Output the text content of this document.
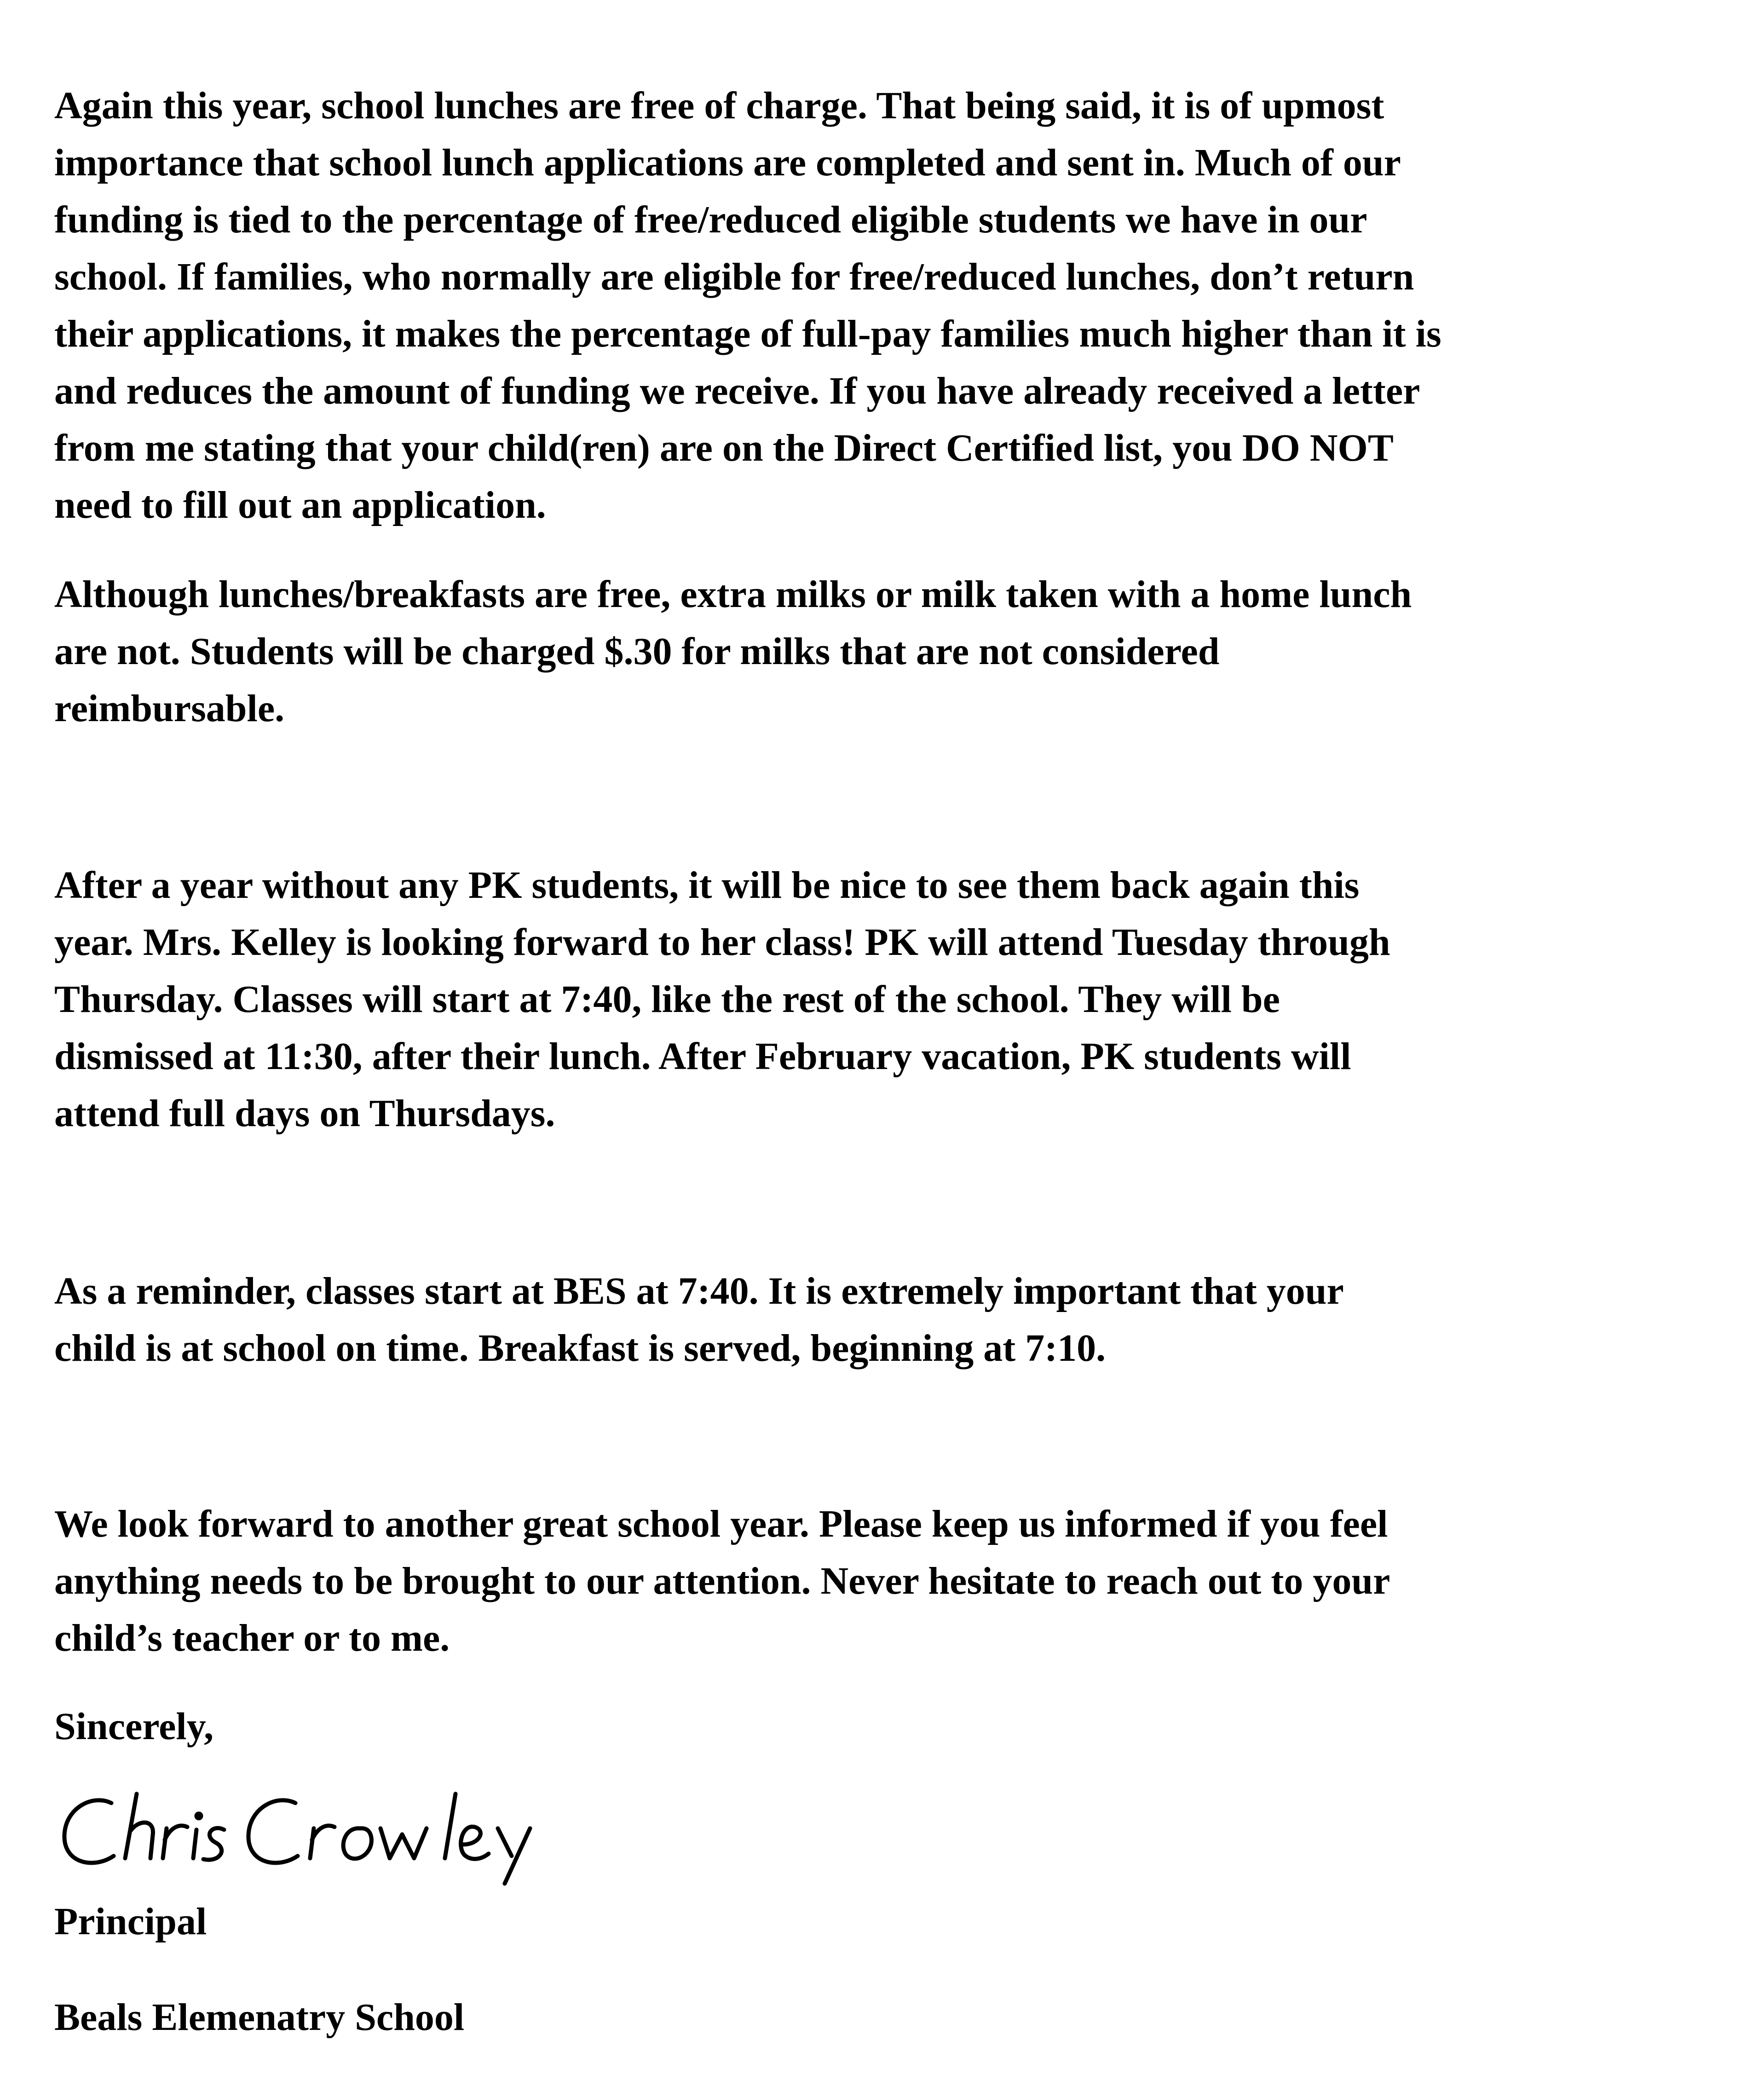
Again this year, school lunches are free of charge. That being said, it is of upmost
importance that school lunch applications are completed and sent in. Much of our
funding is tied to the percentage of free/reduced eligible students we have in our
school. If families, who normally are eligible for free/reduced lunches, don’t return
their applications, it makes the percentage of full-pay families much higher than it is
and reduces the amount of funding we receive. If you have already received a letter
from me stating that your child(ren) are on the Direct Certified list, you DO NOT
need to fill out an application.

Although lunches/breakfasts are free, extra milks or milk taken with a home lunch
are not. Students will be charged $.30 for milks that are not considered
reimbursable.

After a year without any PK students, it will be nice to see them back again this
year. Mrs. Kelley is looking forward to her class! PK will attend Tuesday through
Thursday. Classes will start at 7:40, like the rest of the school. They will be
dismissed at 11:30, after their lunch. After February vacation, PK students will
attend full days on Thursdays.

As a reminder, classes start at BES at 7:40. It is extremely important that your
child is at school on time. Breakfast is served, beginning at 7:10.

We look forward to another great school year. Please keep us informed if you feel
anything needs to be brought to our attention. Never hesitate to reach out to your
child’s teacher or to me.

Sincerely,

Principal

Beals Elemenatry School
